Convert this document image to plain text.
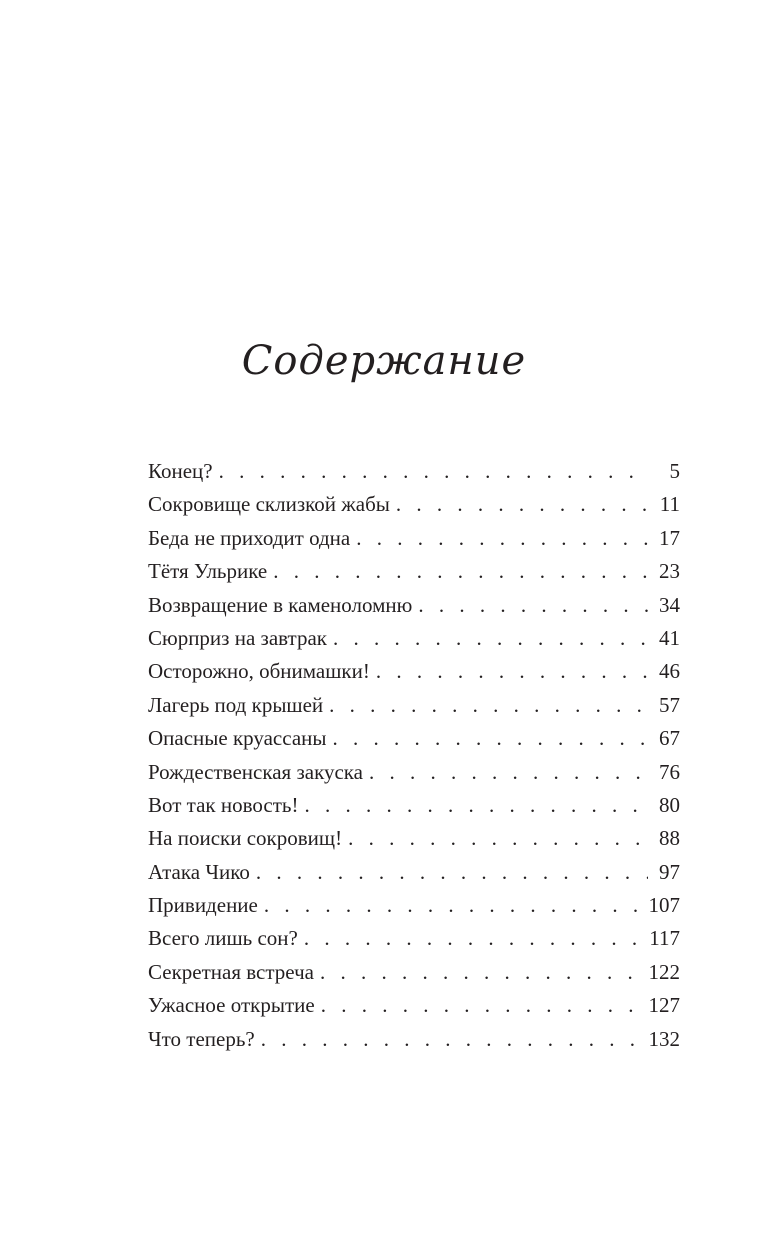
Содержание
Конец? . . .	5
Сокровище склизкой жабы . . .	11
Беда не приходит одна . . .	17
Тётя Ульрике . . .	23
Возвращение в каменоломню . . .	34
Сюрприз на завтрак . . .	41
Осторожно, обнимашки! . . .	46
Лагерь под крышей . . .	57
Опасные круассаны . . .	67
Рождественская закуска . . .	76
Вот так новость! . . .	80
На поиски сокровищ! . . .	88
Атака Чико . . .	97
Привидение . . .	107
Всего лишь сон? . . .	117
Секретная встреча . . .	122
Ужасное открытие . . .	127
Что теперь? . . .	132
